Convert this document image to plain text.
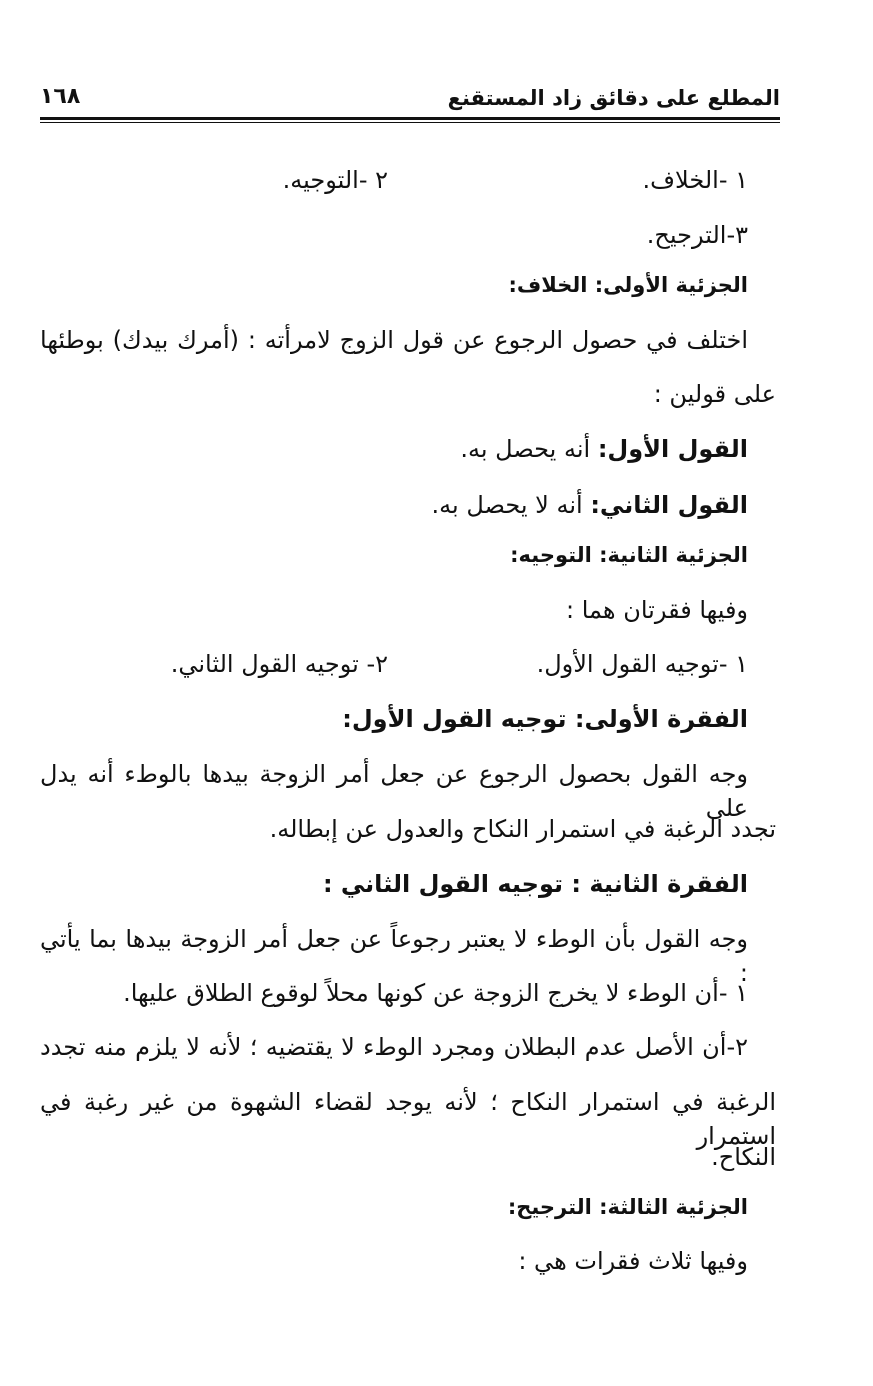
المطلع على دقائق زاد المستقنع
١٦٨
١ -الخلاف.
٢ -التوجيه.
٣-الترجيح.
الجزئية الأولى: الخلاف:
اختلف في حصول الرجوع عن قول الزوج لامرأته : (أمرك بيدك) بوطئها
على قولين :
القول الأول: أنه يحصل به.
القول الثاني: أنه لا يحصل به.
الجزئية الثانية: التوجيه:
وفيها فقرتان هما :
١ -توجيه القول الأول.
٢- توجيه القول الثاني.
الفقرة الأولى: توجيه القول الأول:
وجه القول بحصول الرجوع عن جعل أمر الزوجة بيدها بالوطء أنه يدل على
تجدد الرغبة في استمرار النكاح والعدول عن إبطاله.
الفقرة الثانية : توجيه القول الثاني :
وجه القول بأن الوطء لا يعتبر رجوعاً عن جعل أمر الزوجة بيدها بما يأتي :
١ -أن الوطء لا يخرج الزوجة عن كونها محلاً لوقوع الطلاق عليها.
٢-أن الأصل عدم البطلان ومجرد الوطء لا يقتضيه ؛ لأنه لا يلزم منه تجدد
الرغبة في استمرار النكاح ؛ لأنه يوجد لقضاء الشهوة من غير رغبة في استمرار
النكاح.
الجزئية الثالثة: الترجيح:
وفيها ثلاث فقرات هي :
